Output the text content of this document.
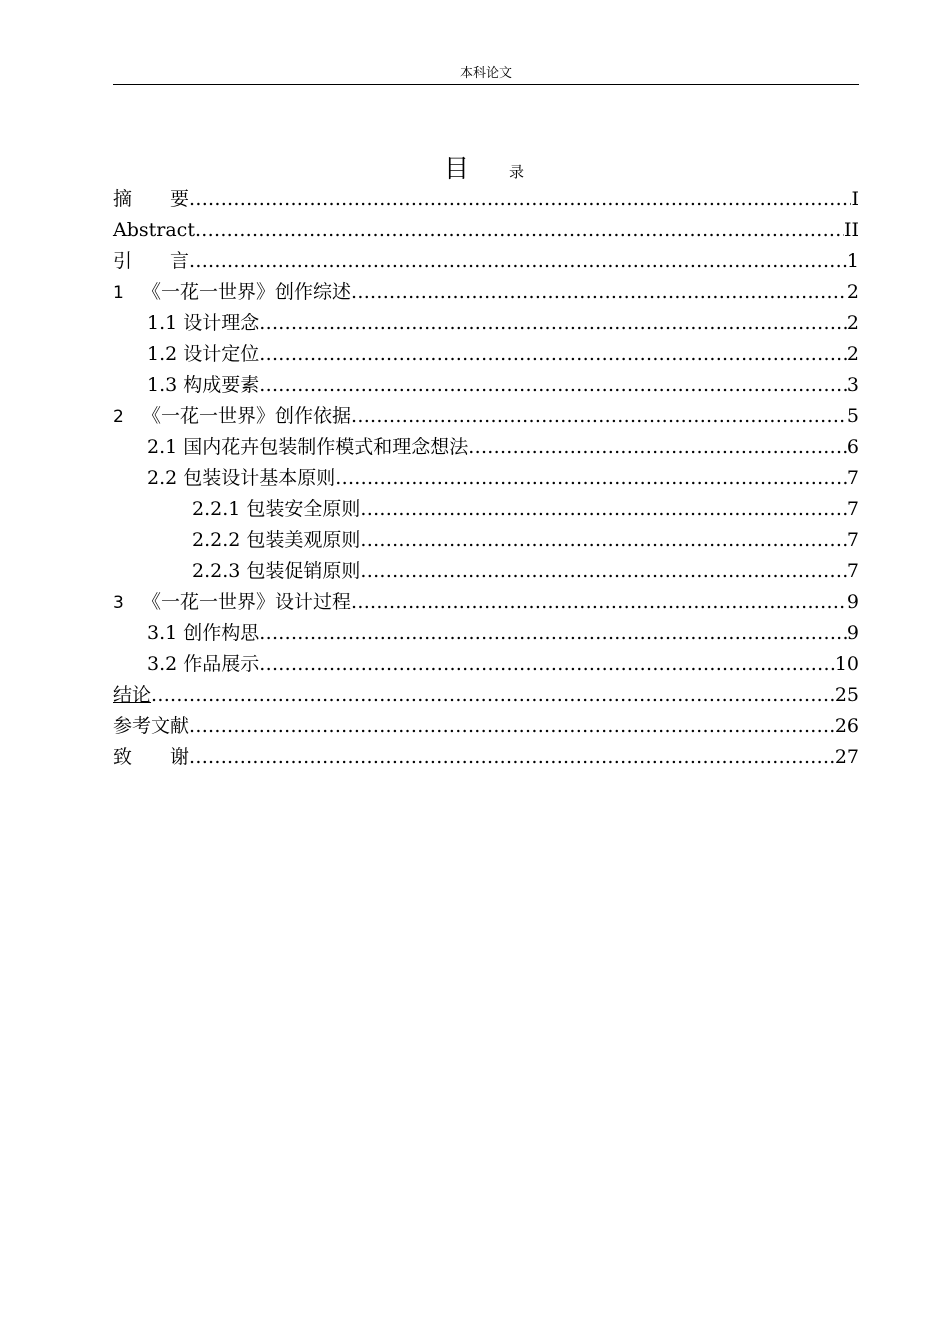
本科论文
目	录
摘　　要 .....	I
Abstract .....	II
引　　言 .....	1
1 《一花一世界》创作综述 .....	2
1.1 设计理念 .....	2
1.2 设计定位 .....	2
1.3 构成要素 .....	3
2 《一花一世界》创作依据 .....	5
2.1 国内花卉包装制作模式和理念想法 .....	6
2.2 包装设计基本原则 .....	7
2.2.1 包装安全原则 .....	7
2.2.2 包装美观原则 .....	7
2.2.3 包装促销原则 .....	7
3 《一花一世界》设计过程 .....	9
3.1 创作构思 .....	9
3.2 作品展示 .....	10
结论 .....	25
参考文献 .....	26
致　　谢 .....	27
